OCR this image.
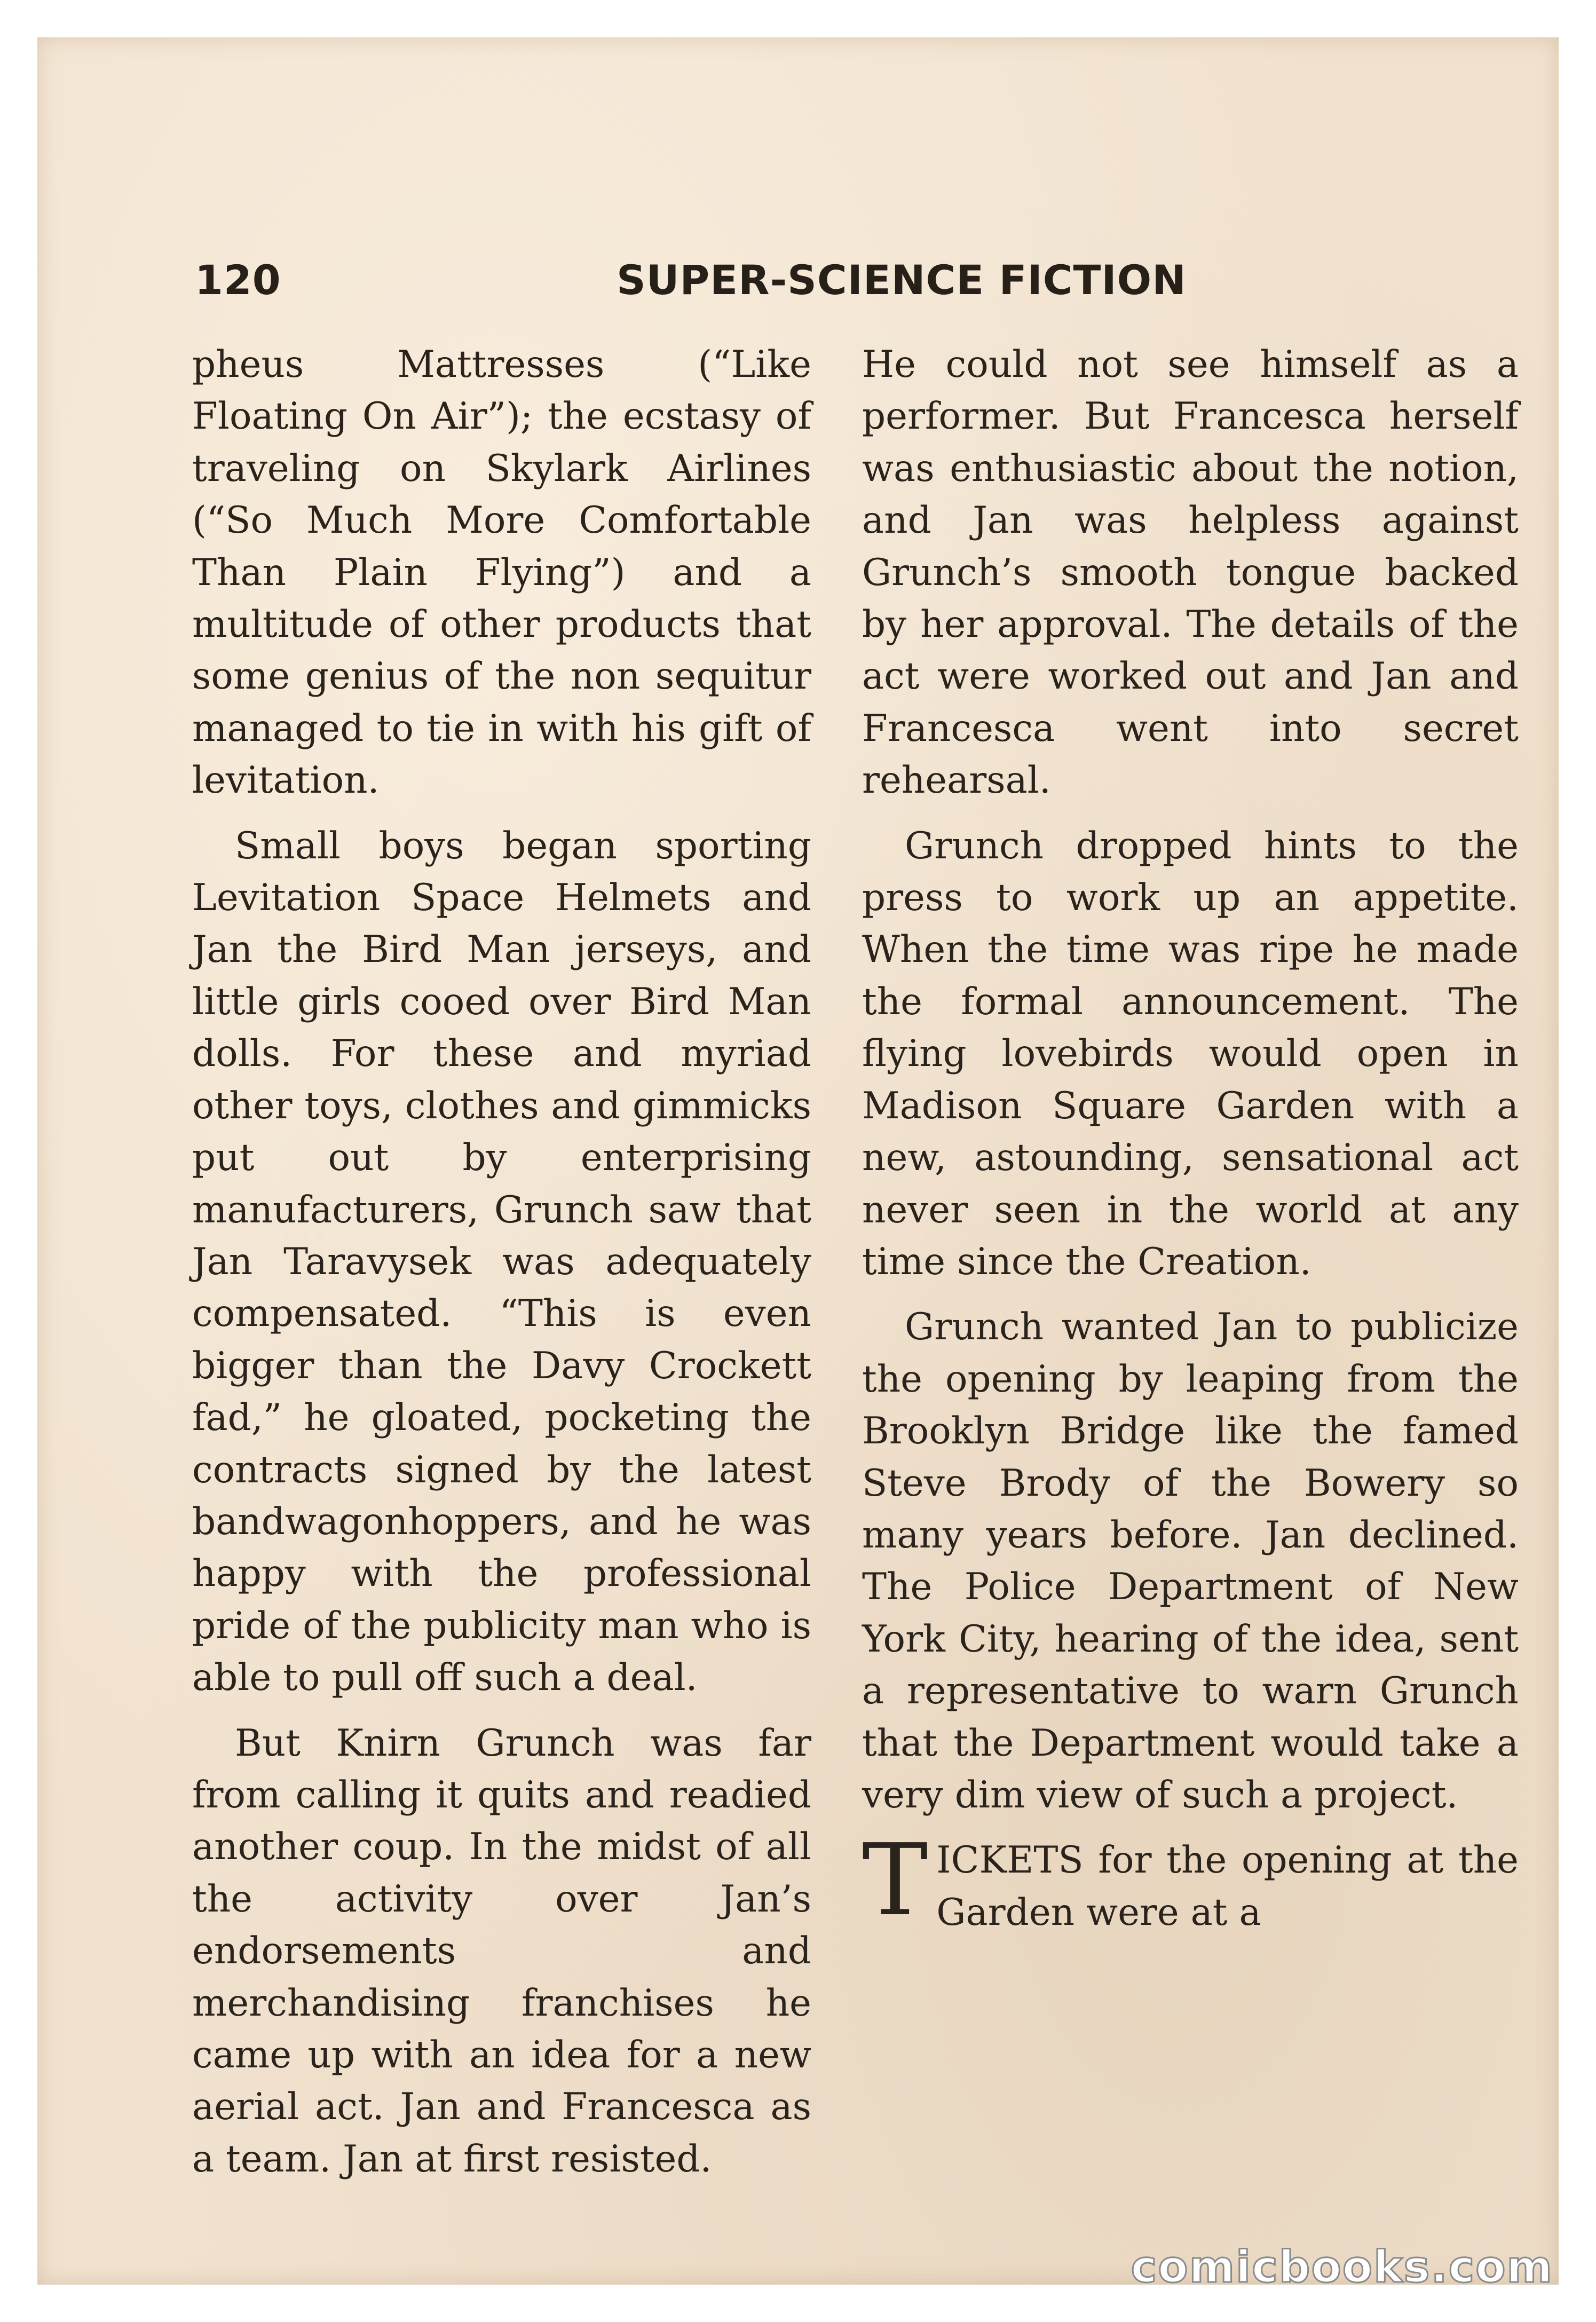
120	SUPER-SCIENCE FICTION

pheus Mattresses (“Like Floating On Air”); the ecstasy of traveling on Skylark Airlines (“So Much More Comfortable Than Plain Flying”) and a multitude of other products that some genius of the non sequitur managed to tie in with his gift of levitation.

Small boys began sporting Levitation Space Helmets and Jan the Bird Man jerseys, and little girls cooed over Bird Man dolls. For these and myriad other toys, clothes and gimmicks put out by enterprising manufacturers, Grunch saw that Jan Taravysek was adequately compensated. “This is even bigger than the Davy Crockett fad,” he gloated, pocketing the contracts signed by the latest bandwagonhoppers, and he was happy with the professional pride of the publicity man who is able to pull off such a deal.

But Knirn Grunch was far from calling it quits and readied another coup. In the midst of all the activity over Jan’s endorsements and merchandising franchises he came up with an idea for a new aerial act. Jan and Francesca as a team. Jan at first resisted.

He could not see himself as a performer. But Francesca herself was enthusiastic about the notion, and Jan was helpless against Grunch’s smooth tongue backed by her approval. The details of the act were worked out and Jan and Francesca went into secret rehearsal.

Grunch dropped hints to the press to work up an appetite. When the time was ripe he made the formal announcement. The flying lovebirds would open in Madison Square Garden with a new, astounding, sensational act never seen in the world at any time since the Creation.

Grunch wanted Jan to publicize the opening by leaping from the Brooklyn Bridge like the famed Steve Brody of the Bowery so many years before. Jan declined. The Police Department of New York City, hearing of the idea, sent a representative to warn Grunch that the Department would take a very dim view of such a project.

TICKETS for the opening at the Garden were at a

comicbooks.com
